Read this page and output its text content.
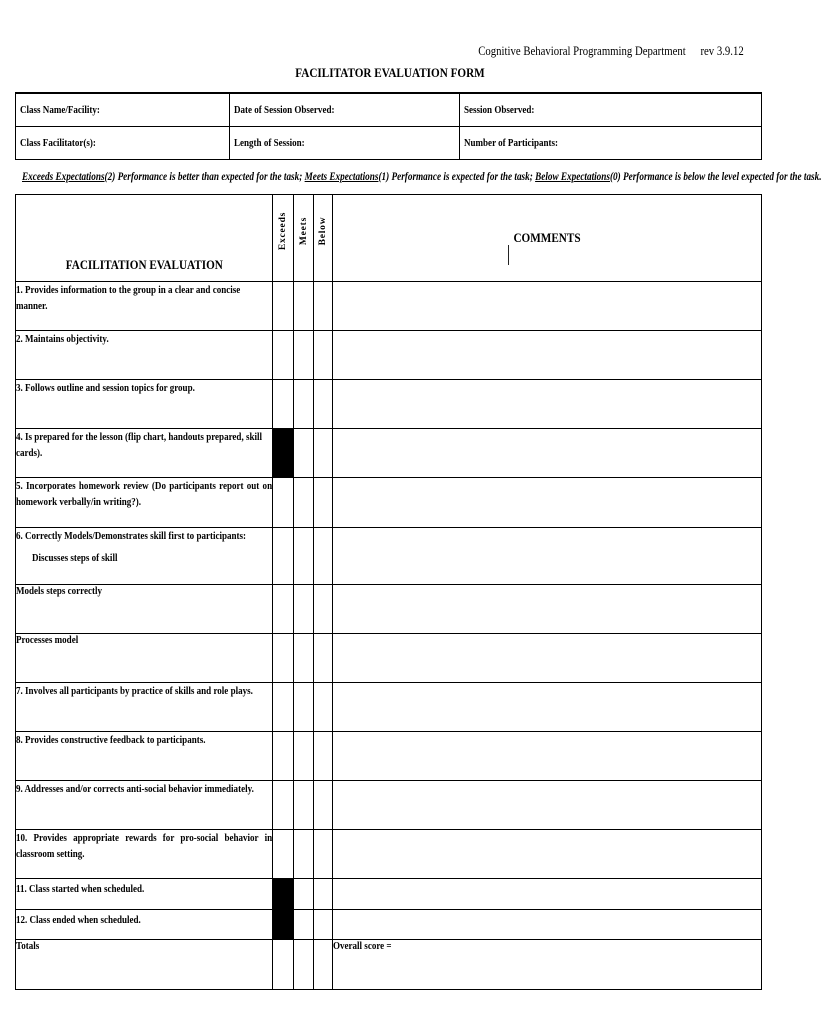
Cognitive Behavioral Programming Department rev 3.9.12
FACILITATOR EVALUATION FORM
Class Name/Facility:	Date of Session Observed:	Session Observed:
Class Facilitator(s):	Length of Session:	Number of Participants:
Exceeds Expectations(2) Performance is better than expected for the task; Meets Expectations(1) Performance is expected for the task; Below Expectations(0) Performance is below the level expected for the task.
FACILITATION EVALUATION	Exceeds	Meets	Below	COMMENTS
1. Provides information to the group in a clear and concise manner.				
2. Maintains objectivity.				
3. Follows outline and session topics for group.				
4. Is prepared for the lesson (flip chart, handouts prepared, skill cards).				
5. Incorporates homework review (Do participants report out on homework verbally/in writing?).				
6. Correctly Models/Demonstrates skill first to participants:
Discusses steps of skill				

Models steps correctly				
Processes model				
7. Involves all participants by practice of skills and role plays.				
8. Provides constructive feedback to participants.				
9. Addresses and/or corrects anti-social behavior immediately.				
10. Provides appropriate rewards for pro-social behavior in classroom setting.				
11. Class started when scheduled.				
12. Class ended when scheduled.				
Totals				Overall score =
